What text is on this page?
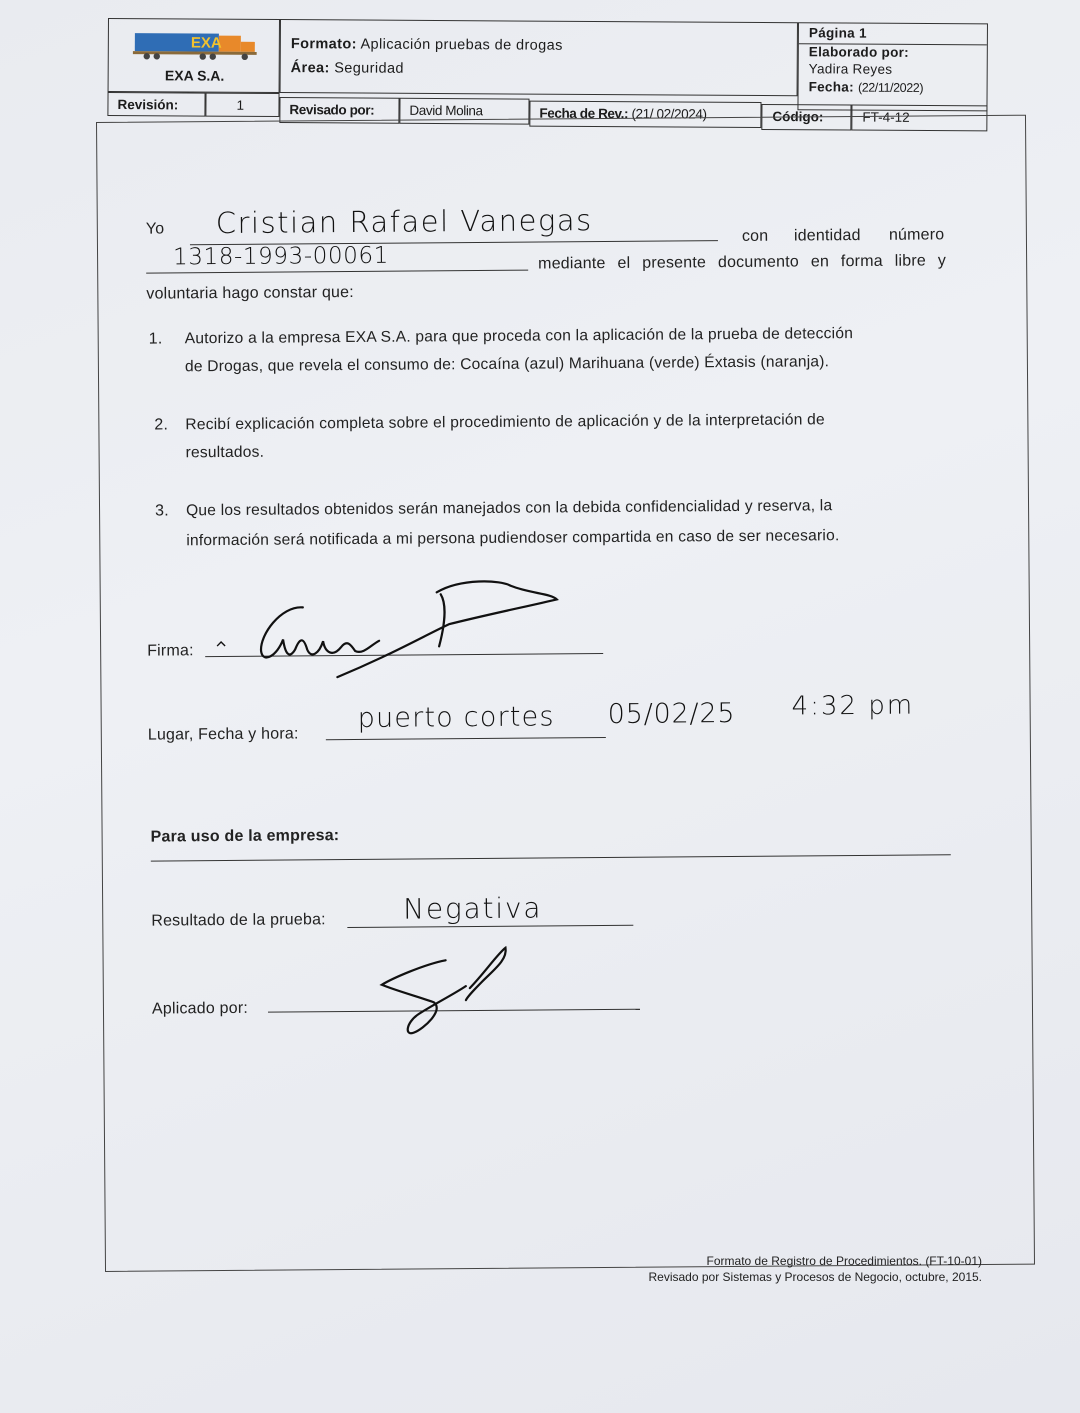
EXA
EXA S.A.
Formato: Aplicación pruebas de drogas
Área: Seguridad
Página 1
Elaborado por:
Yadira Reyes
Fecha: (22/11/2022)
Revisión:	1	Revisado por:	David Molina	Fecha de Rev.: (21/ 02/2024)	Código:	FT-4-12
Yo Cristian Rafael Vanegas	con identidad número
1318-1993-00061	mediante el presente documento en forma libre y
voluntaria hago constar que:
1. Autorizo a la empresa EXA S.A. para que proceda con la aplicación de la prueba de detección
de Drogas, que revela el consumo de: Cocaína (azul) Marihuana (verde) Éxtasis (naranja).
2. Recibí explicación completa sobre el procedimiento de aplicación y de la interpretación de
resultados.
3. Que los resultados obtenidos serán manejados con la debida confidencialidad y reserva, la
información será notificada a mi persona pudiendoser compartida en caso de ser necesario.
Firma:
Lugar, Fecha y hora:
puerto cortes 05/02/25 4:32 pm
Para uso de la empresa:
Resultado de la prueba:	Negativa
Aplicado por:
Formato de Registro de Procedimientos. (FT-10-01)
Revisado por Sistemas y Procesos de Negocio, octubre, 2015.
